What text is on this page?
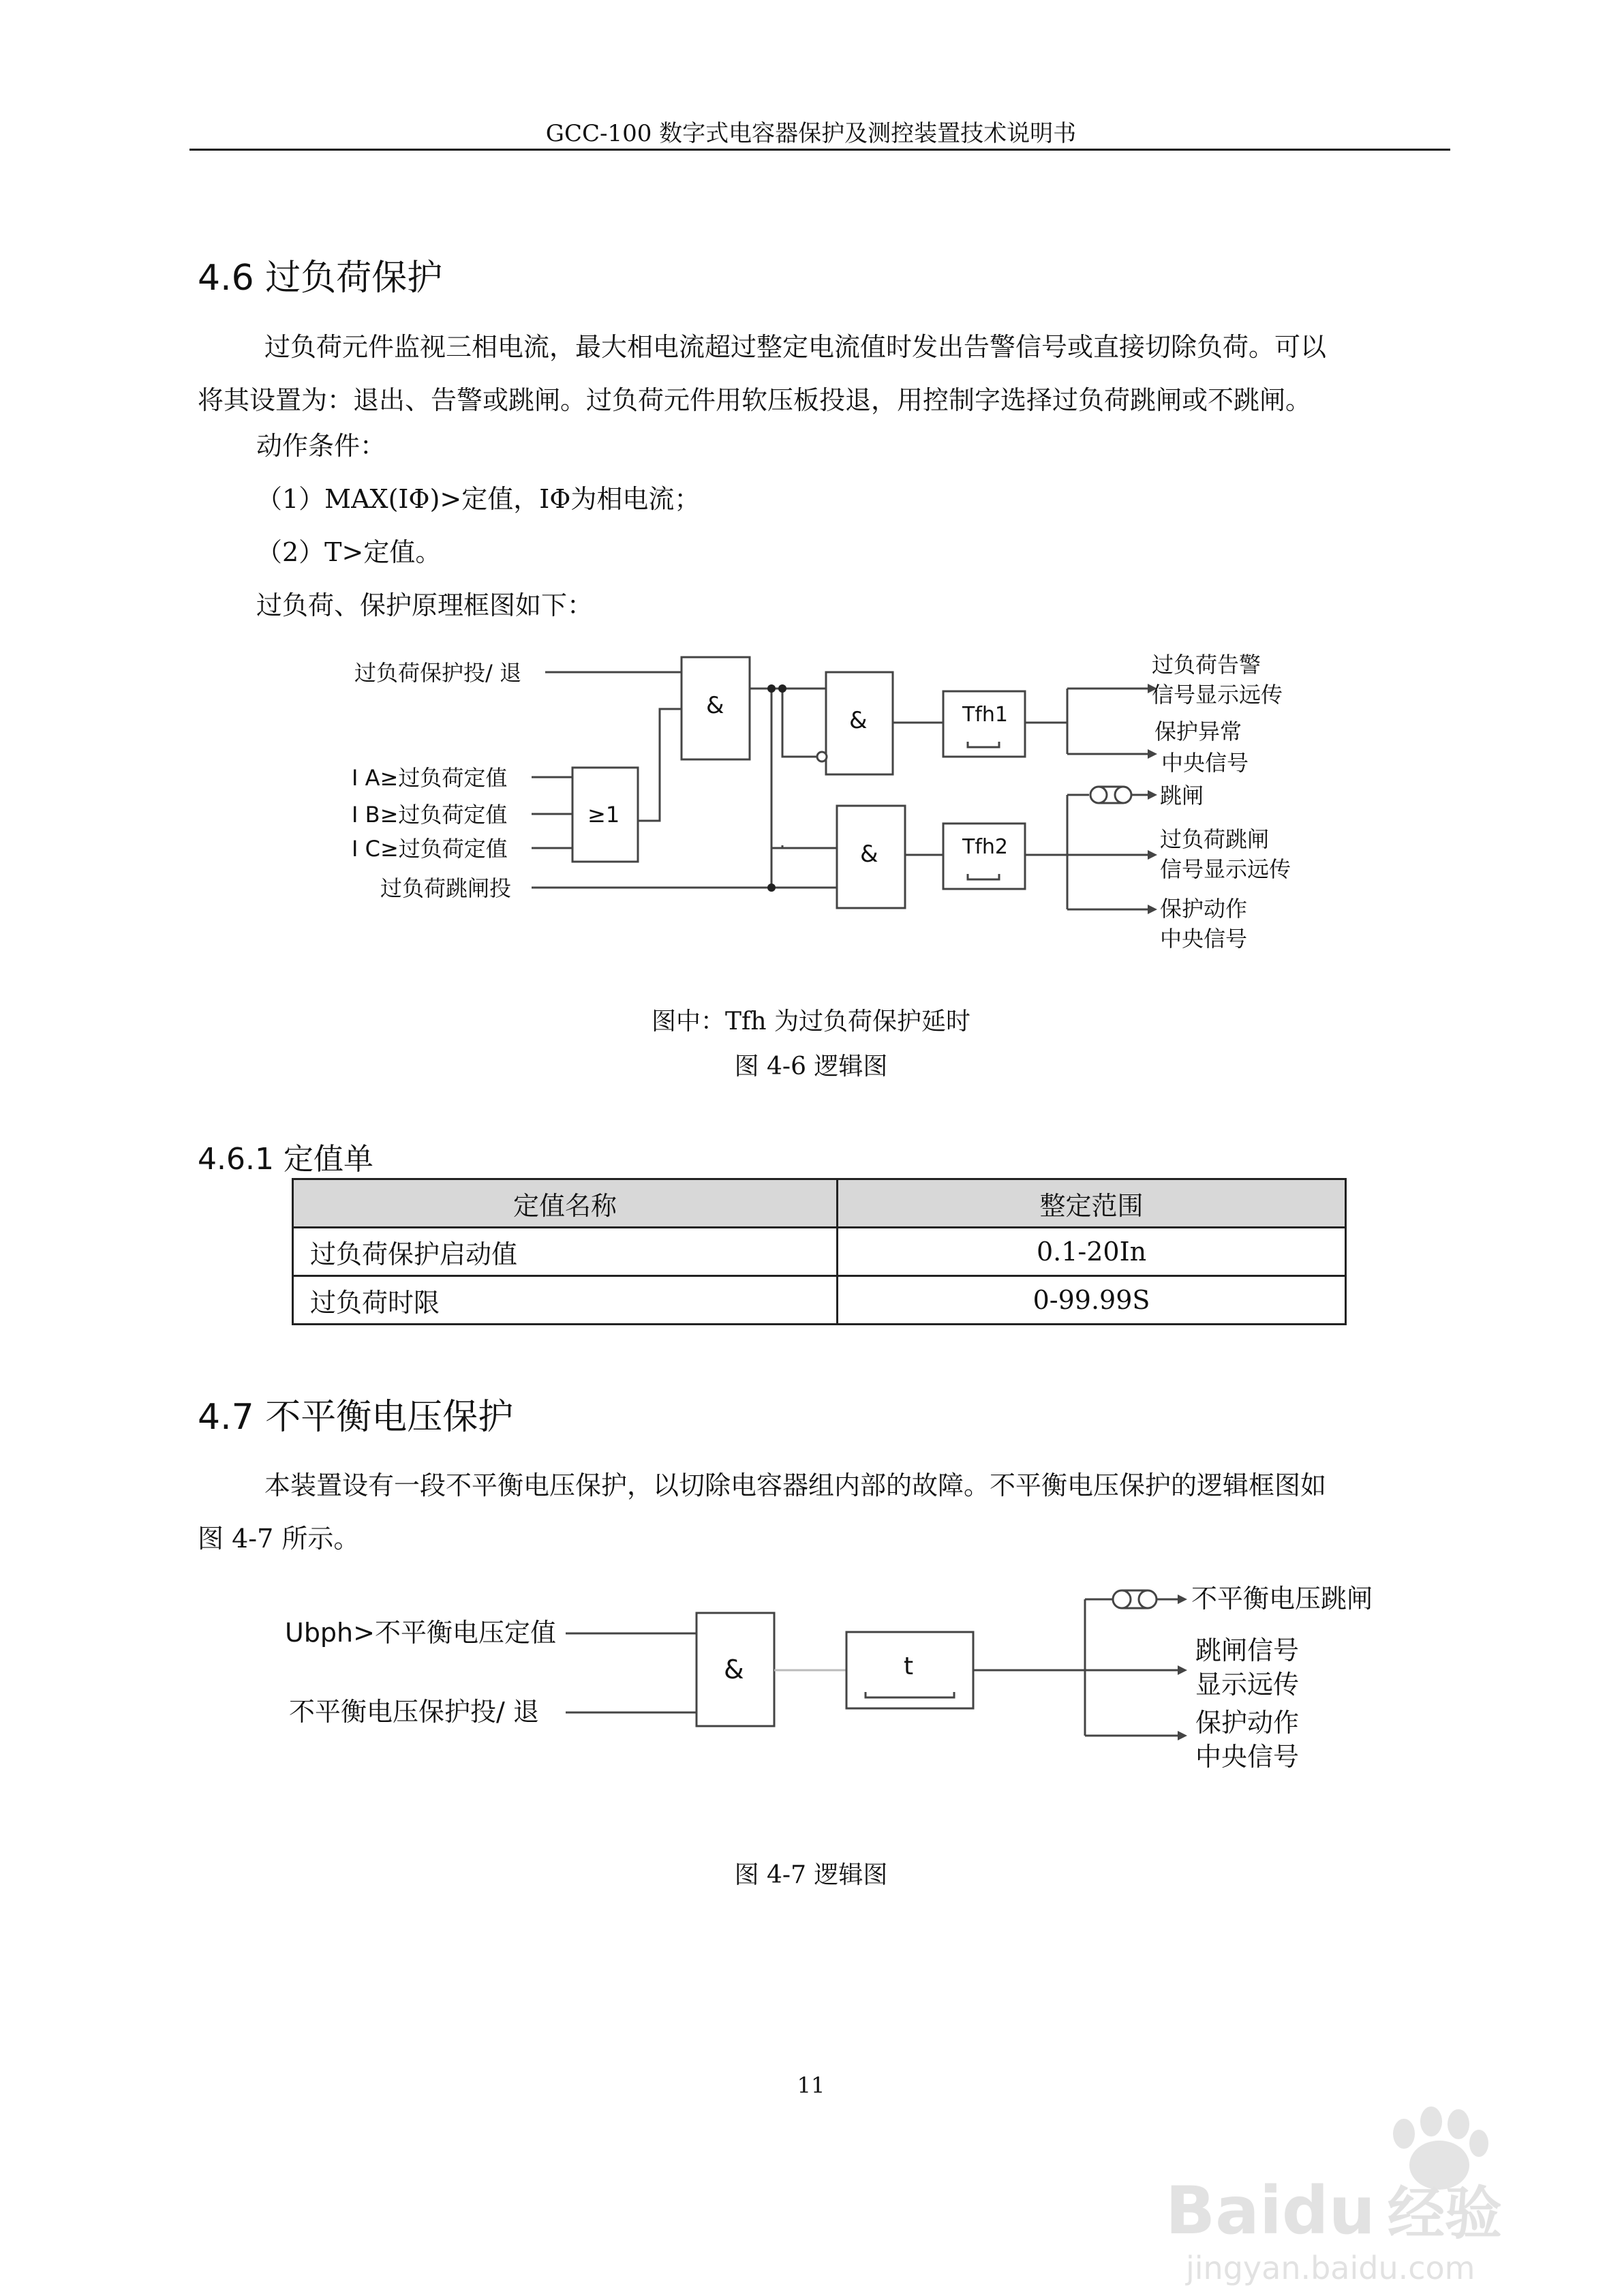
GCC-100 数字式电容器保护及测控装置技术说明书
4.6 过负荷保护
过负荷元件监视三相电流，最大相电流超过整定电流值时发出告警信号或直接切除负荷。可以
将其设置为：退出、告警或跳闸。过负荷元件用软压板投退，用控制字选择过负荷跳闸或不跳闸。
动作条件：
（1）MAX(IΦ)>定值，IΦ为相电流；
（2）T>定值。
过负荷、保护原理框图如下：
过负荷保护投/ 退
I A≥过负荷定值
I B≥过负荷定值
I C≥过负荷定值
过负荷跳闸投
&
&
&
≥1
Tfh1
Tfh2
过负荷告警
信号显示远传
保护异常
中央信号
跳闸
过负荷跳闸
信号显示远传
保护动作
中央信号
Ubph>不平衡电压定值
不平衡电压保护投/ 退
&	t
不平衡电压跳闸
跳闸信号
显示远传
保护动作
中央信号
图中：Tfh 为过负荷保护延时
图 4-6 逻辑图
4.6.1 定值单
定值名称	整定范围
过负荷保护启动值	0.1-20In
过负荷时限	0-99.99S
4.7 不平衡电压保护
本装置设有一段不平衡电压保护，以切除电容器组内部的故障。不平衡电压保护的逻辑框图如
图 4-7 所示。
图 4-7 逻辑图
11
Baidu 经验
jingyan.baidu.com
